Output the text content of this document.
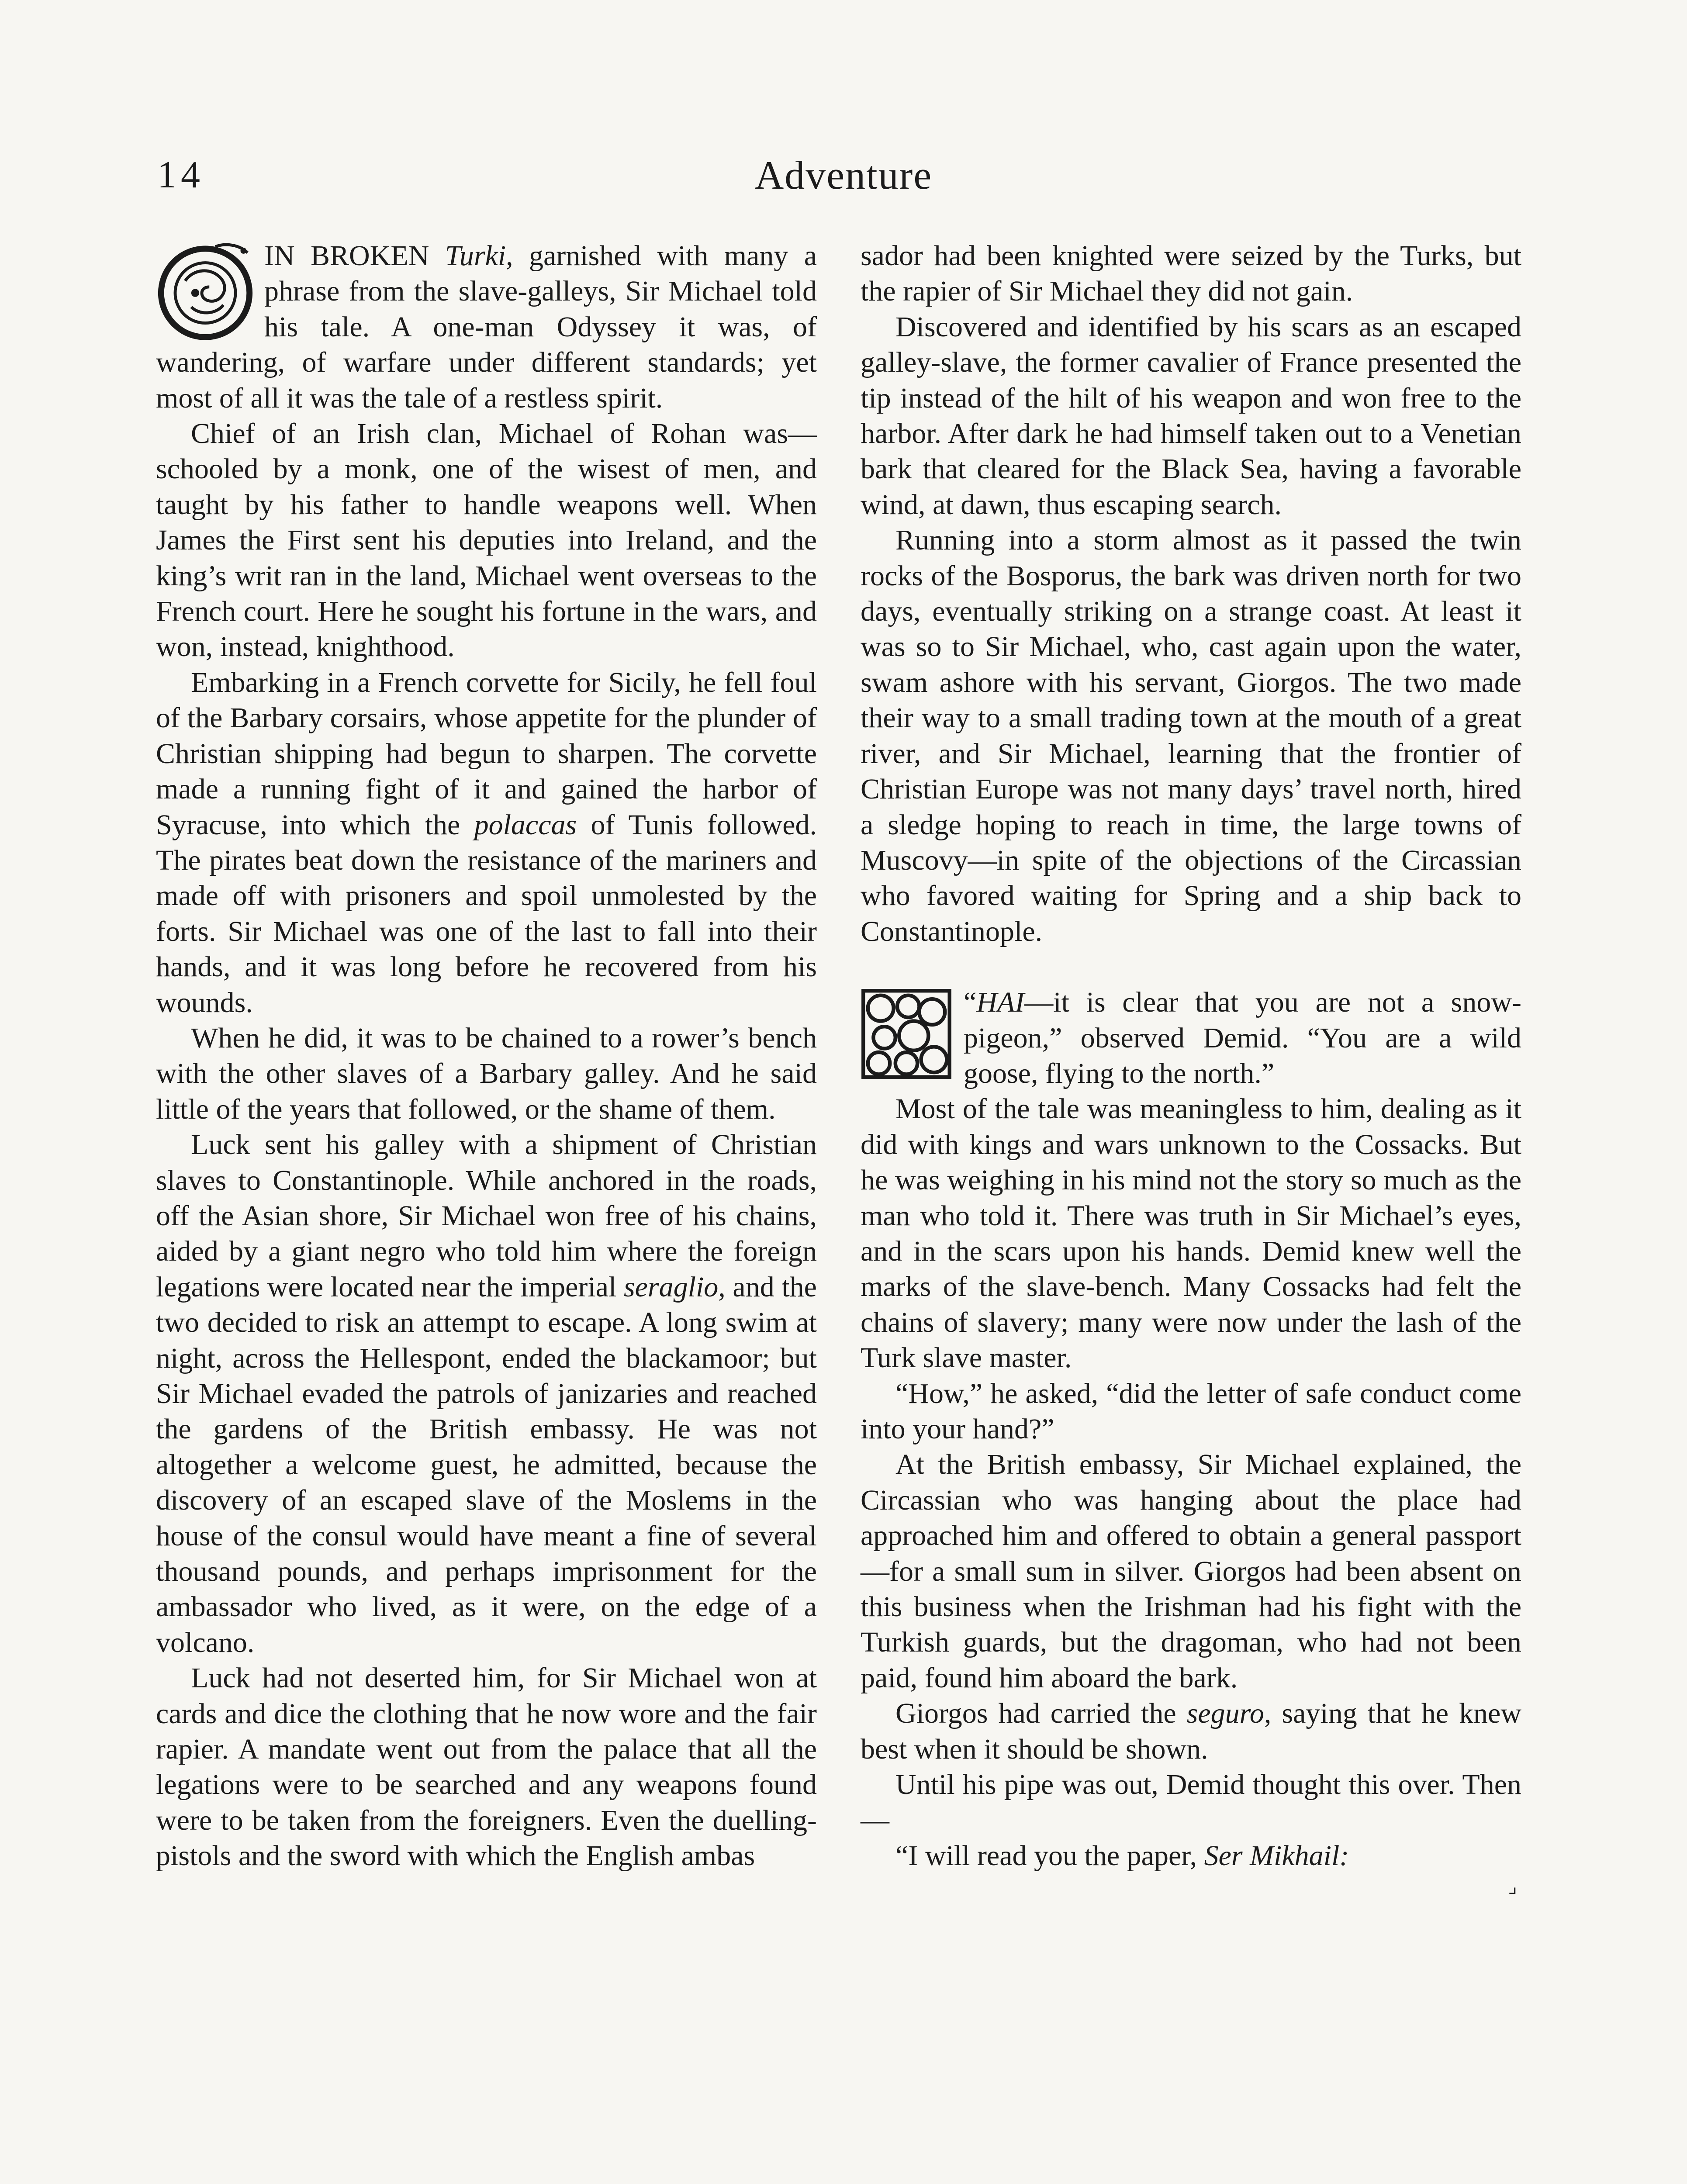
14	Adventure

IN BROKEN Turki, garnished with many a phrase from the slave-galleys, Sir Michael told his tale. A one-man Odyssey it was, of wandering, of warfare under different standards; yet most of all it was the tale of a restless spirit.

Chief of an Irish clan, Michael of Rohan was—schooled by a monk, one of the wisest of men, and taught by his father to handle weapons well. When James the First sent his deputies into Ireland, and the king’s writ ran in the land, Michael went overseas to the French court. Here he sought his fortune in the wars, and won, instead, knighthood.

Embarking in a French corvette for Sicily, he fell foul of the Barbary corsairs, whose appetite for the plunder of Christian shipping had begun to sharpen. The corvette made a running fight of it and gained the harbor of Syracuse, into which the polaccas of Tunis followed. The pirates beat down the resistance of the mariners and made off with prisoners and spoil unmolested by the forts. Sir Michael was one of the last to fall into their hands, and it was long before he recovered from his wounds.

When he did, it was to be chained to a rower’s bench with the other slaves of a Barbary galley. And he said little of the years that followed, or the shame of them.

Luck sent his galley with a shipment of Christian slaves to Constantinople. While anchored in the roads, off the Asian shore, Sir Michael won free of his chains, aided by a giant negro who told him where the foreign legations were located near the imperial seraglio, and the two decided to risk an attempt to escape. A long swim at night, across the Hellespont, ended the blackamoor; but Sir Michael evaded the patrols of janizaries and reached the gardens of the British embassy. He was not altogether a welcome guest, he admitted, because the discovery of an escaped slave of the Moslems in the house of the consul would have meant a fine of several thousand pounds, and perhaps imprisonment for the ambassador who lived, as it were, on the edge of a volcano.

Luck had not deserted him, for Sir Michael won at cards and dice the clothing that he now wore and the fair rapier. A mandate went out from the palace that all the legations were to be searched and any weapons found were to be taken from the foreigners. Even the duelling-pistols and the sword with which the English ambas

sador had been knighted were seized by the Turks, but the rapier of Sir Michael they did not gain.

Discovered and identified by his scars as an escaped galley-slave, the former cavalier of France presented the tip instead of the hilt of his weapon and won free to the harbor. After dark he had himself taken out to a Venetian bark that cleared for the Black Sea, having a favorable wind, at dawn, thus escaping search.

Running into a storm almost as it passed the twin rocks of the Bosporus, the bark was driven north for two days, eventually striking on a strange coast. At least it was so to Sir Michael, who, cast again upon the water, swam ashore with his servant, Giorgos. The two made their way to a small trading town at the mouth of a great river, and Sir Michael, learning that the frontier of Christian Europe was not many days’ travel north, hired a sledge hoping to reach in time, the large towns of Muscovy—in spite of the objections of the Circassian who favored waiting for Spring and a ship back to Constantinople.

“HAI—it is clear that you are not a snow-pigeon,” observed Demid. “You are a wild goose, flying to the north.”

Most of the tale was meaningless to him, dealing as it did with kings and wars unknown to the Cossacks. But he was weighing in his mind not the story so much as the man who told it. There was truth in Sir Michael’s eyes, and in the scars upon his hands. Demid knew well the marks of the slave-bench. Many Cossacks had felt the chains of slavery; many were now under the lash of the Turk slave master.

“How,” he asked, “did the letter of safe conduct come into your hand?”

At the British embassy, Sir Michael explained, the Circassian who was hanging about the place had approached him and offered to obtain a general passport—for a small sum in silver. Giorgos had been absent on this business when the Irishman had his fight with the Turkish guards, but the dragoman, who had not been paid, found him aboard the bark.

Giorgos had carried the seguro, saying that he knew best when it should be shown.

Until his pipe was out, Demid thought this over. Then—

“I will read you the paper, Ser Mikhail:

⌟
